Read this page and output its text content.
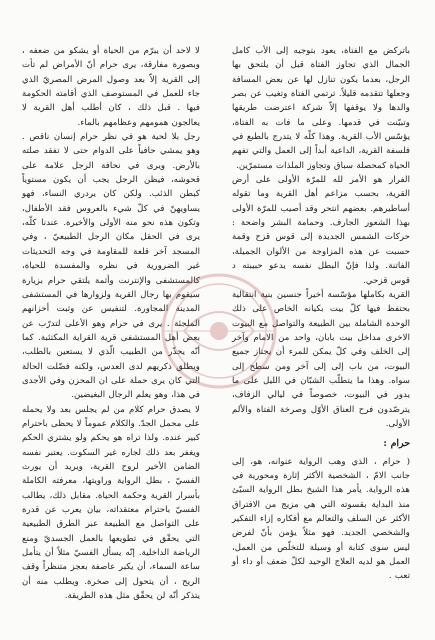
باتركض مع الفتاة، يعود بتوجيه إلى الأب كامل الجمال الذي تجاوز الفتاة قبل أن يلتحق بها الرجل، بعدما يكون تنازل لها عن بعض المسافة وجعلها تتقدمه قليلاً. ترتمي الفتاة وتغيب عن بصر والدها ولا يوقفها إلاّ شركة اعترضت طريقها وتبيّنت في قدمها. وعلى ما فات به الفتاة، يؤسّس الأب القرية. وهذا كلّه لا يتدرج بالطبع في فلسفة القرية، الداعية أبداً إلى العمل والتي تفهم الحياة كمحصلة سباق وتجاوز الملذات مستمرّين.

الفرار هو الأمر لله للمرّة الأولى على أرض القرية، بحسب مزاعم أهل القرية وما تقوله أساطيرهم. بعضهم انتحر وقد أصيب للمرّة الأولى بهذا الشعور الجارف. وحمامة البشر واضحة : حركات الشمس الجديدة إلى قوس قزح وقمة حسبت عن هذه المزاوجة من الألوان الجميلة، الفاتنة. ولذا فإنّ البطل نفسه يدعو حبيبته د قوس قزحي.

القرية بكاملها مؤسّسة أخيراً جنسين بنية انتقالية بحتفظ فيها كلّ بيت بكيانه الخاص على ذلك الوحدة الشاملة بين الطبيعة والتواصل مع البيوت الاخرى مداخل بيت بابان، واحد من الامام وآخر إلى الخلف وفي كلّ يمكن للمرء أن يجتاز جميع البيوت، من باب إلى إلى آخر ومن سطح إلى سواه. وهذا ما يتطلّب الشبّان في الليل على ما يدور في البيوت، خصوصاً في ليالي الزفاف، يترصّدون فرح العناق الأوّل وصرخة الفتاة والألم الأولى.

حرام :

( حرام ، الذي وهب الرواية عنوانه، هو، إلى جانب الامّ ، الشخصية الأكثر إثارة ومحورية في هذه الرواية. يأمر هذا الشيخ بطل الرواية السيّئ منذ البداية بقسوته التي هي مزيج من الافتراق الأكثر عن السلف والتعالم مع أفكاره إزاء التفكير والشخصي الجديد. فهو مثلاً يؤمن بأنّ لفرض ليس سوى كتابة أو وسيلة للتخلّص من العمل، العمل هو لديه العلاج الوحيد لكلّ ضعف أو داء أو تعب .

لا لاحد أن يبرّم من الحياة أو يشكو من ضعفه ، وبصورة مفارقة، يرى حرام أنّ الأمراض لم تأت إلى القرية إلاّ بعد وصول المرض المصريّ الذي جاء للعمل في المستوصف الذي أقامته الحكومة فيها . قبل ذلك ، كان أطلب أهل القرية لا يعالجون همومهم وعظامهم بالماء.

رجل بلا لحية هو في نظر حرام إنسان ناقص . وهو يمشي حافياً على الدوام حتى لا تفقد صلته بالأرض. ويرى في نحافة الرجل علامة على قحوشه، فيظن الرجل يجب أن يكون مستوياً كبطن الذئب. ولكن كان يردري النساء، فهو يساويهنّ في كلّ شيء بالعروس فقد الأطفال، وتكون هذه نحو منه الأولى والأخيرة. عندنا كلّه، يرى في الحقل مكان الرجل الطبيعيّ ، وفي المسجد آخر قلعة للمقاومة في وجه التحديثات غير الضرورية في نظره والمفسدة للحياة، كالمستشفى والإنترنت وأثمة يلتقي حرام بزيارة سيقوم بها رجال القرية ولزوارها في المستشفى المدينة المجاورة. لتنفيس عن وثبت أحزانهم الملجئة . يرى في حرام وهو الأعلى لتدرّب عن بعض أهل المستشفى قرية القراية المكتئبة. كما أنّه يحذّر من الطبيب الّذي لا يستعين بالطلب، ويطلق ذكريهم لدى العدس، ولكنه فضّلت الحالة التي كان يرى حملة على ان المحزن وفي الأجدى في هذا، وهو يعلم الرجال البغيضين.

لا يصدق حرام كلام من لم يجلس بعد ولا يحمله على محمل الجدّ. والكلام عموماً لا يحظى باحترام كبير عنده. ولذا تراه هو يحكم ولو يشتري الحكم ويغفر بعد ذلك لجاره غير السكوت. يعتبر نفسه الضامن الأخير لروح القرية، ويريد أن يورث الفسيّ ، بطل الرواية وراويتها، معرفته الكاملة بأسرار القرية وحكمة الحياة. مقابل ذلك، يطالب الفسيّ باحترام معتقداته، بيان يعرب عن قدرة على التواصل مع الطبيعة عبر الطرق الطبيعية التي يحقّق في تطويعها بالعمل الجسديّ ومنع الرياضة الداخلية. إنّه يسأل الفسيّ مثلاً أن يتأمل ساعة السماء، أن يكبر عاصفة بعجز متنظراً وقف الريح ، أن يتحول إلى صخرة. ويطلب منه أن يتذكر أنّه لن يحقّق مثل هذه الطريقة.
